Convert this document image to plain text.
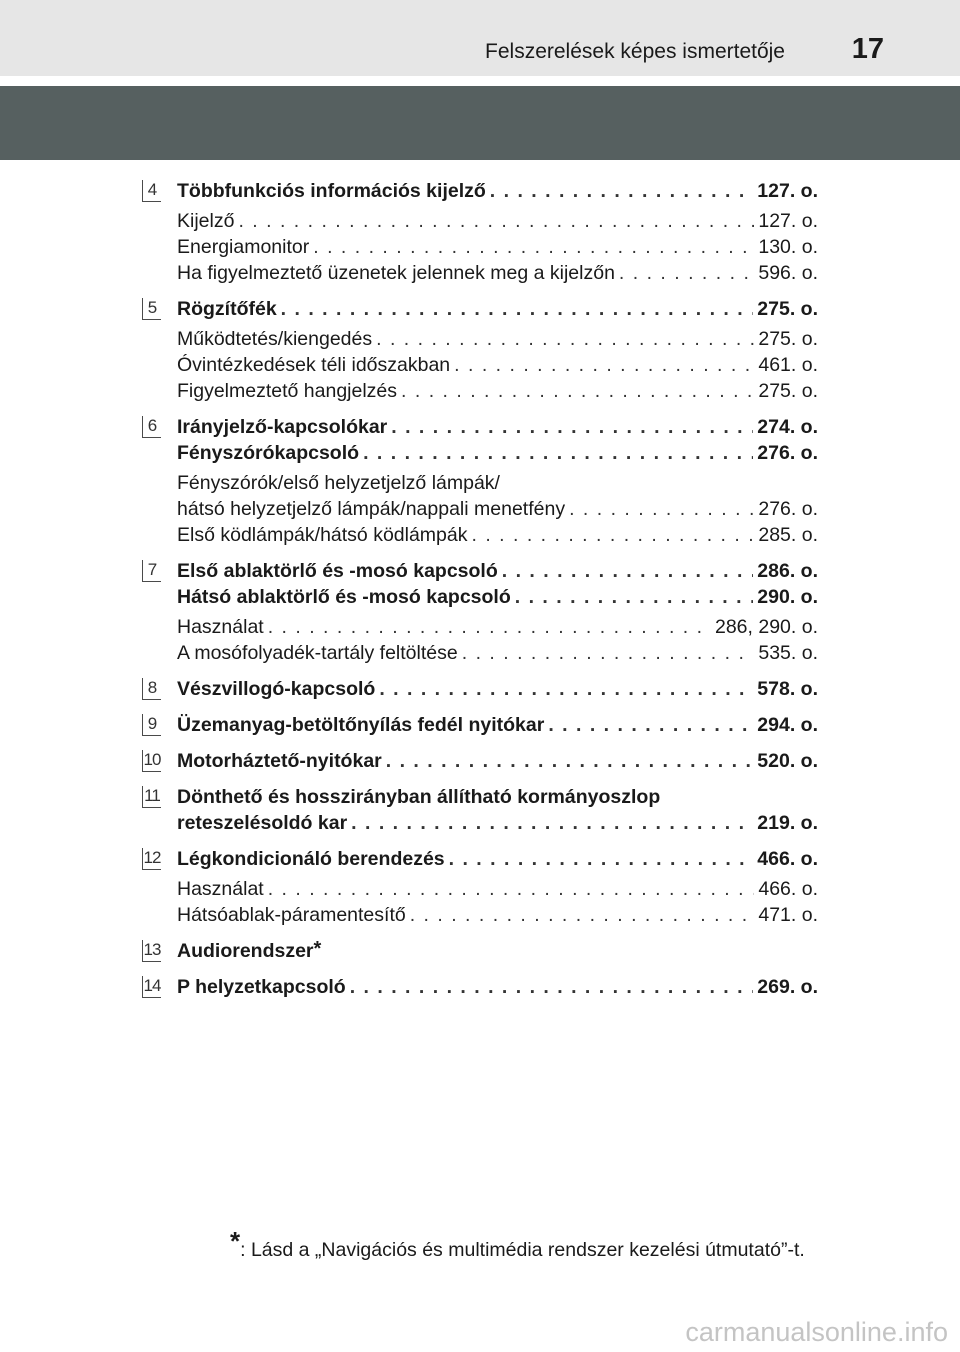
Felszerelések képes ismertetője 17
4 Többfunkciós információs kijelző . . .	127. o.
Kijelző . . .	127. o.
Energiamonitor . . .	130. o.
Ha figyelmeztető üzenetek jelennek meg a kijelzőn . . .	596. o.
5 Rögzítőfék . . .	275. o.
Működtetés/kiengedés . . .	275. o.
Óvintézkedések téli időszakban . . .	461. o.
Figyelmeztető hangjelzés . . .	275. o.
6 Irányjelző-kapcsolókar . . .	274. o.
Fényszórókapcsoló . . .	276. o.
Fényszórók/első helyzetjelző lámpák/
hátsó helyzetjelző lámpák/nappali menetfény . . .	276. o.
Első ködlámpák/hátsó ködlámpák . . .	285. o.
7 Első ablaktörlő és -mosó kapcsoló . . .	286. o.
Hátsó ablaktörlő és -mosó kapcsoló . . .	290. o.
Használat . . .	286, 290. o.
A mosófolyadék-tartály feltöltése . . .	535. o.
8 Vészvillogó-kapcsoló . . .	578. o.
9 Üzemanyag-betöltőnyílás fedél nyitókar . . .	294. o.
10 Motorháztető-nyitókar . . .	520. o.
11 Dönthető és hosszirányban állítható kormányoszlop
reteszelésoldó kar . . .	219. o.
12 Légkondicionáló berendezés . . .	466. o.
Használat . . .	466. o.
Hátsóablak-páramentesítő . . .	471. o.
13 Audiorendszer*
14 P helyzetkapcsoló . . .	269. o.
*: Lásd a „Navigációs és multimédia rendszer kezelési útmutató”-t.
carmanualsonline.info
